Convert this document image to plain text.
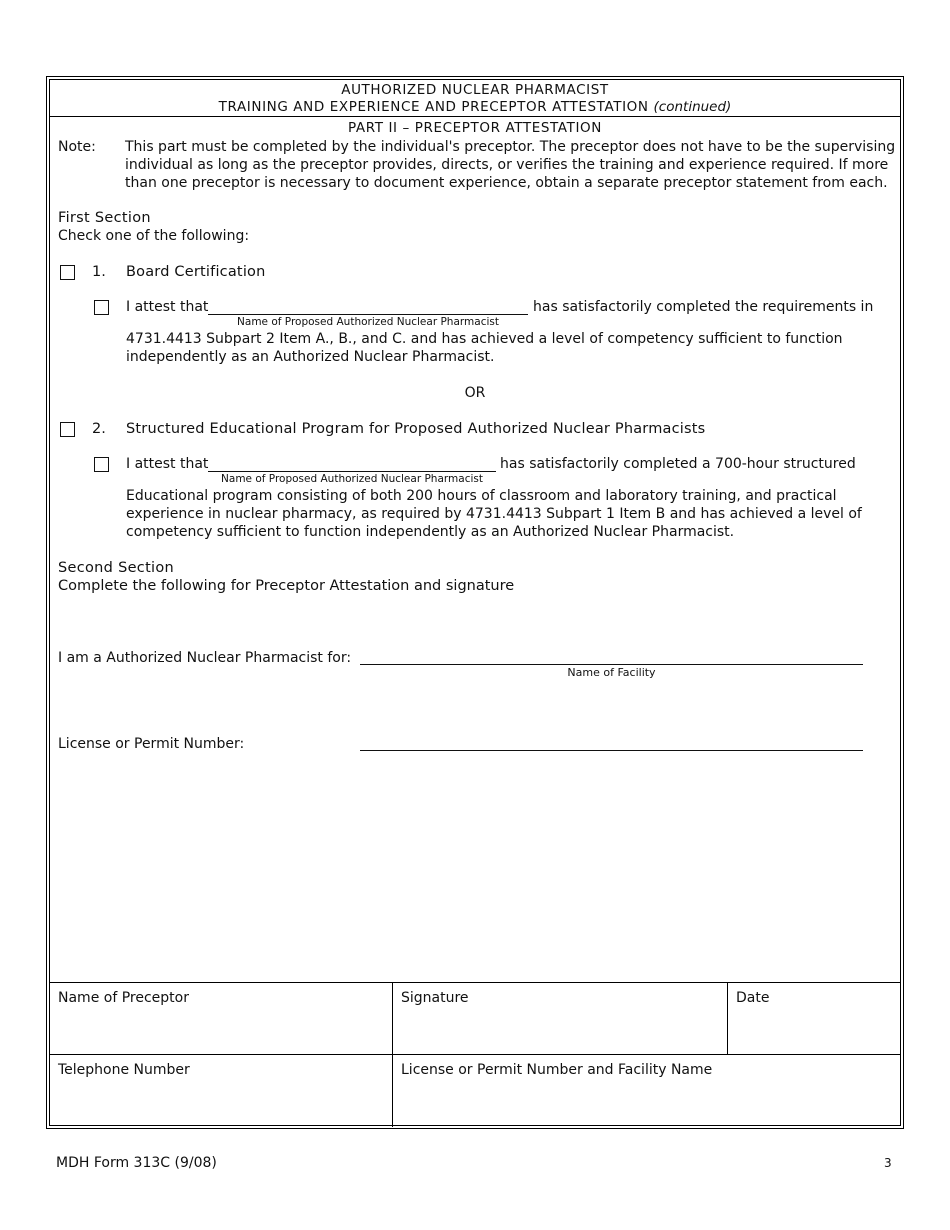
AUTHORIZED NUCLEAR PHARMACIST
TRAINING AND EXPERIENCE AND PRECEPTOR ATTESTATION (continued)
PART II – PRECEPTOR ATTESTATION
Note: This part must be completed by the individual's preceptor. The preceptor does not have to be the supervising individual as long as the preceptor provides, directs, or verifies the training and experience required. If more than one preceptor is necessary to document experience, obtain a separate preceptor statement from each.
First Section
Check one of the following:
1. Board Certification
I attest that
Name of Proposed Authorized Nuclear Pharmacist
has satisfactorily completed the requirements in
4731.4413 Subpart 2 Item A., B., and C. and has achieved a level of competency sufficient to function independently as an Authorized Nuclear Pharmacist.
OR
2. Structured Educational Program for Proposed Authorized Nuclear Pharmacists
I attest that
Name of Proposed Authorized Nuclear Pharmacist
has satisfactorily completed a 700-hour structured
Educational program consisting of both 200 hours of classroom and laboratory training, and practical experience in nuclear pharmacy, as required by 4731.4413 Subpart 1 Item B and has achieved a level of competency sufficient to function independently as an Authorized Nuclear Pharmacist.
Second Section
Complete the following for Preceptor Attestation and signature
I am a Authorized Nuclear Pharmacist for:
Name of Facility
License or Permit Number:
Name of Preceptor	Signature	Date
Telephone Number	License or Permit Number and Facility Name
MDH Form 313C (9/08)	3
